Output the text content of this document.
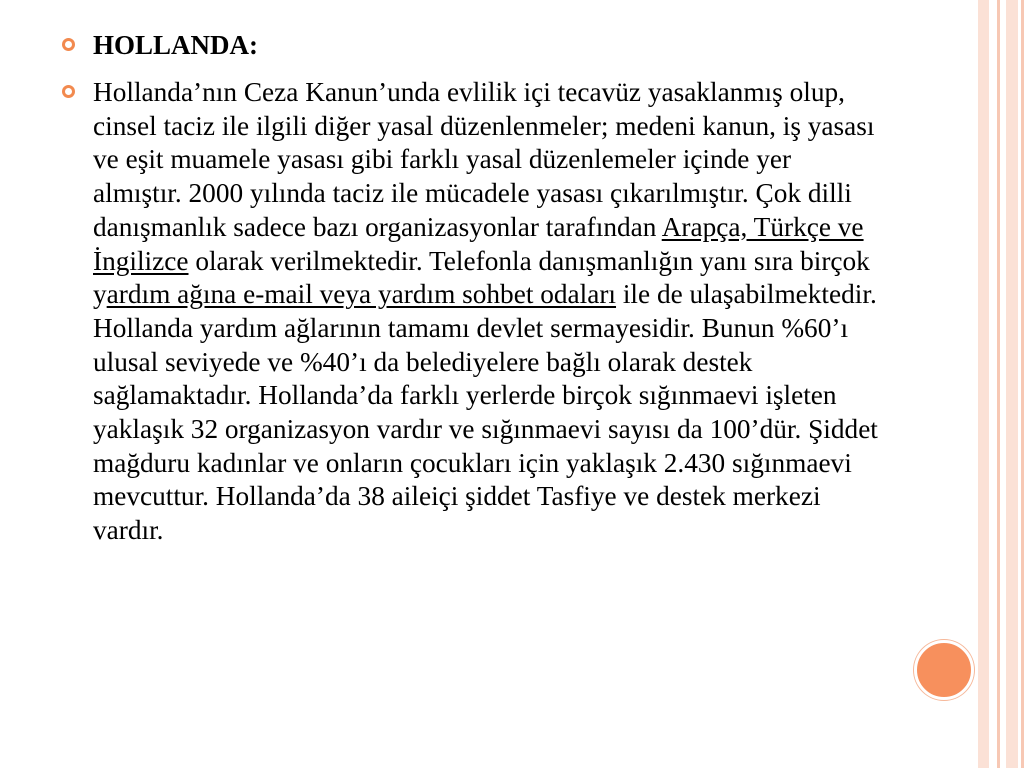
HOLLANDA:
Hollanda’nın Ceza Kanun’unda evlilik içi tecavüz yasaklanmış olup, cinsel taciz ile ilgili diğer yasal düzenlenmeler; medeni kanun, iş yasası ve eşit muamele yasası gibi farklı yasal düzenlemeler içinde yer almıştır. 2000 yılında taciz ile mücadele yasası çıkarılmıştır. Çok dilli danışmanlık sadece bazı organizasyonlar tarafından Arapça, Türkçe ve İngilizce olarak verilmektedir. Telefonla danışmanlığın yanı sıra birçok yardım ağına e-mail veya yardım sohbet odaları ile de ulaşabilmektedir. Hollanda yardım ağlarının tamamı devlet sermayesidir. Bunun %60’ı ulusal seviyede ve %40’ı da belediyelere bağlı olarak destek sağlamaktadır. Hollanda’da farklı yerlerde birçok sığınmaevi işleten yaklaşık 32 organizasyon vardır ve sığınmaevi sayısı da 100’dür. Şiddet mağduru kadınlar ve onların çocukları için yaklaşık 2.430 sığınmaevi mevcuttur. Hollanda’da 38 aileiçi şiddet Tasfiye ve destek merkezi vardır.
